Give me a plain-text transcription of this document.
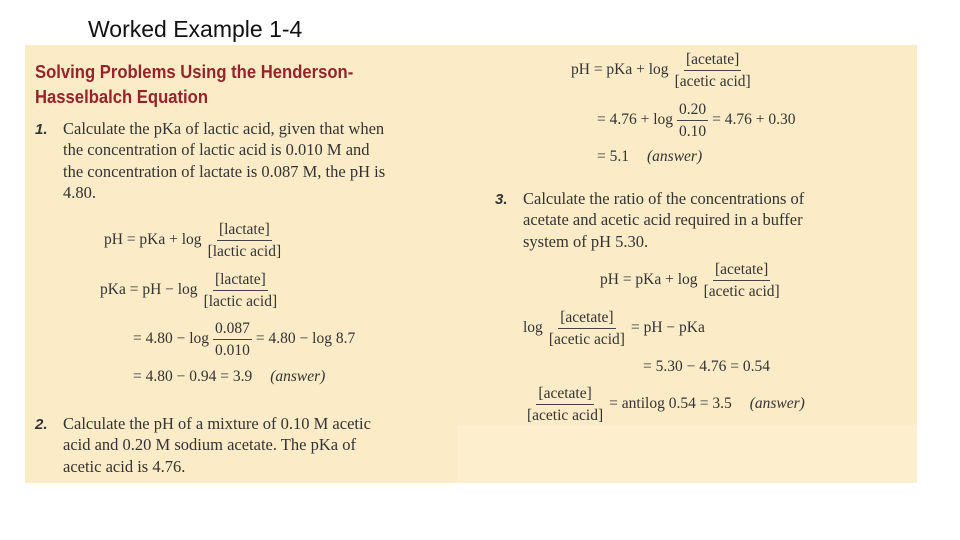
Worked Example 1-4
Solving Problems Using the Henderson-
Hasselbalch Equation
1. Calculate the pKa of lactic acid, given that when
the concentration of lactic acid is 0.010 M and
the concentration of lactate is 0.087 M, the pH is
4.80.
pH = pKa + $\log \frac{\text{[lactate]}}{\text{[lactic acid]}}$
pKa = pH − $\log \frac{\text{[lactate]}}{\text{[lactic acid]}}$
= $4.80 - \log \frac{0.087}{0.010} = 4.80 - \log 8.7$
= 4.80 − 0.94 = 3.9 (answer)
2. Calculate the pH of a mixture of 0.10 M acetic
acid and 0.20 M sodium acetate. The pKa of
acetic acid is 4.76.
pH = pKa + $\log \frac{\text{[acetate]}}{\text{[acetic acid]}}$
= $4.76 + \log \frac{0.20}{0.10} = 4.76 + 0.30$
= 5.1 (answer)
3. Calculate the ratio of the concentrations of
acetate and acetic acid required in a buffer
system of pH 5.30.
pH = pKa + $\log \frac{\text{[acetate]}}{\text{[acetic acid]}}$
$\log \frac{\text{[acetate]}}{\text{[acetic acid]}}$ = pH − pKa
= 5.30 − 4.76 = 0.54
$\frac{\text{[acetate]}}{\text{[acetic acid]}}$ = antilog 0.54 = 3.5 (answer)
